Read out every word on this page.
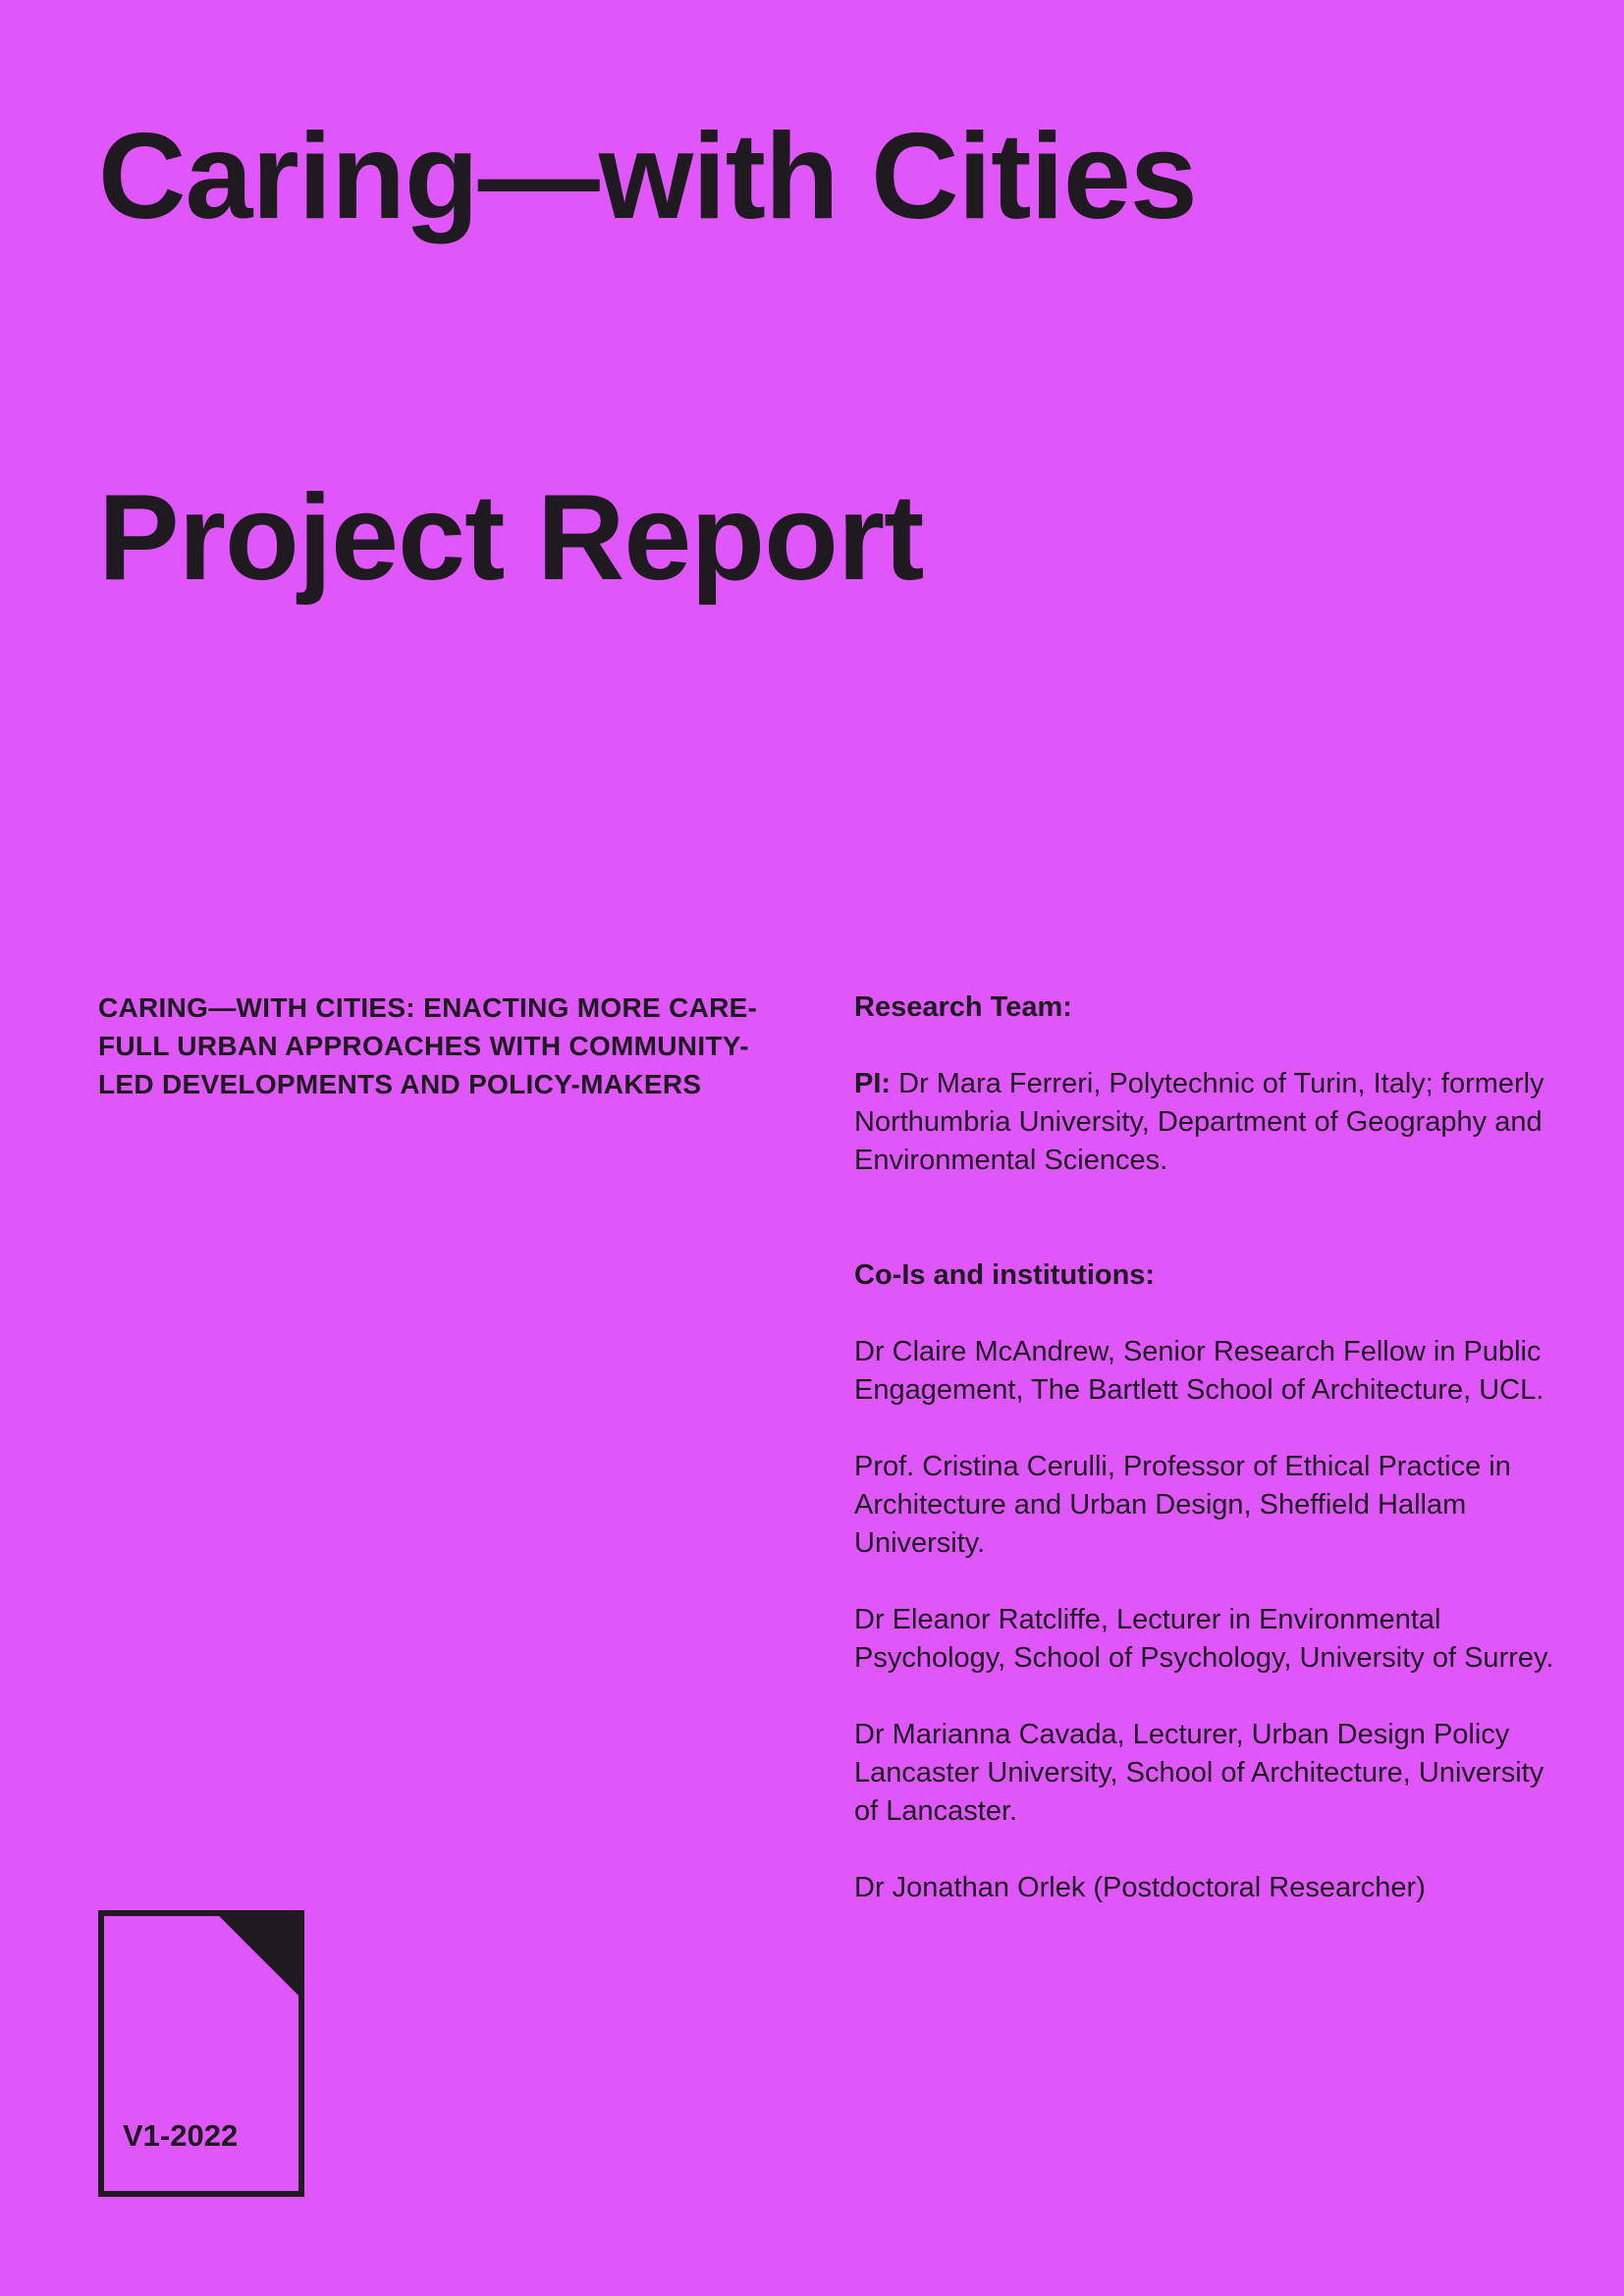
Caring—with Cities
Project Report

CARING—WITH CITIES: ENACTING MORE CARE-FULL URBAN APPROACHES WITH COMMUNITY-LED DEVELOPMENTS AND POLICY-MAKERS

Research Team:

PI: Dr Mara Ferreri, Polytechnic of Turin, Italy; formerly Northumbria University, Department of Geography and Environmental Sciences.

Co-Is and institutions:

Dr Claire McAndrew, Senior Research Fellow in Public Engagement, The Bartlett School of Architecture, UCL.

Prof. Cristina Cerulli, Professor of Ethical Practice in Architecture and Urban Design, Sheffield Hallam University.

Dr Eleanor Ratcliffe, Lecturer in Environmental Psychology, School of Psychology, University of Surrey.

Dr Marianna Cavada, Lecturer, Urban Design Policy Lancaster University, School of Architecture, University of Lancaster.

Dr Jonathan Orlek (Postdoctoral Researcher)

V1-2022
